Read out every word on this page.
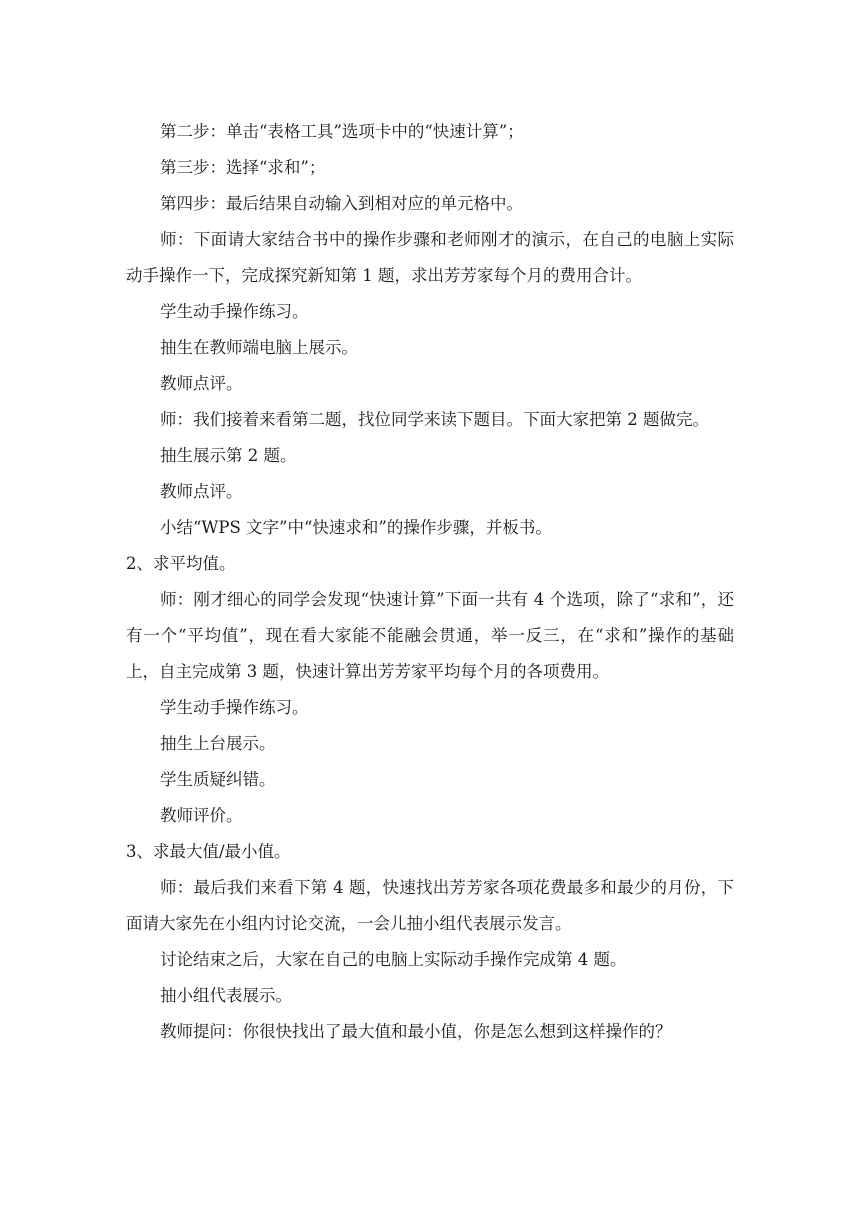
第二步：单击“表格工具”选项卡中的“快速计算”；

第三步：选择“求和”；

第四步：最后结果自动输入到相对应的单元格中。

师：下面请大家结合书中的操作步骤和老师刚才的演示，在自己的电脑上实际动手操作一下，完成探究新知第 1 题，求出芳芳家每个月的费用合计。

学生动手操作练习。

抽生在教师端电脑上展示。

教师点评。

师：我们接着来看第二题，找位同学来读下题目。下面大家把第 2 题做完。

抽生展示第 2 题。

教师点评。

小结“WPS 文字”中“快速求和”的操作步骤，并板书。

2、求平均值。

师：刚才细心的同学会发现“快速计算”下面一共有 4 个选项，除了“求和”，还有一个“平均值”，现在看大家能不能融会贯通，举一反三，在“求和”操作的基础上，自主完成第 3 题，快速计算出芳芳家平均每个月的各项费用。

学生动手操作练习。

抽生上台展示。

学生质疑纠错。

教师评价。

3、求最大值/最小值。

师：最后我们来看下第 4 题，快速找出芳芳家各项花费最多和最少的月份，下面请大家先在小组内讨论交流，一会儿抽小组代表展示发言。

讨论结束之后，大家在自己的电脑上实际动手操作完成第 4 题。

抽小组代表展示。

教师提问：你很快找出了最大值和最小值，你是怎么想到这样操作的？
